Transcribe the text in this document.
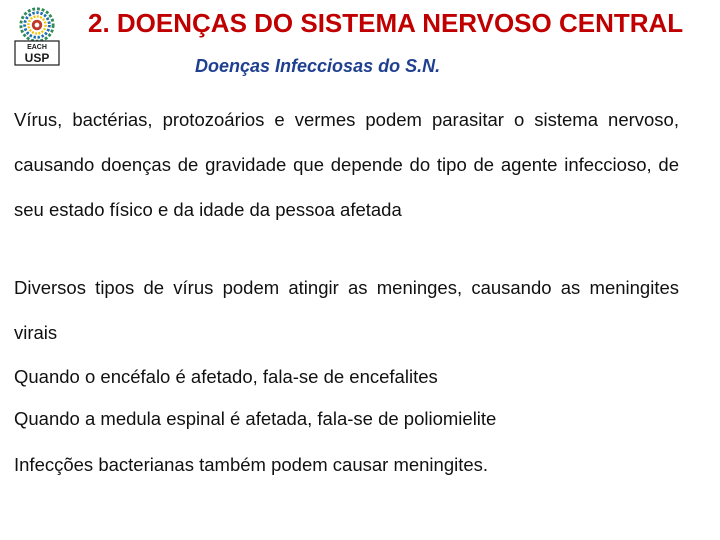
EACH
USP
2. DOENÇAS DO SISTEMA NERVOSO CENTRAL
Doenças Infecciosas do S.N.

Vírus, bactérias, protozoários e vermes podem parasitar o sistema nervoso, causando doenças de gravidade que depende do tipo de agente infeccioso, de seu estado físico e da idade da pessoa afetada

Diversos tipos de vírus podem atingir as meninges, causando as meningites virais

Quando o encéfalo é afetado, fala-se de encefalites

Quando a medula espinal é afetada, fala-se de poliomielite

Infecções bacterianas também podem causar meningites.
